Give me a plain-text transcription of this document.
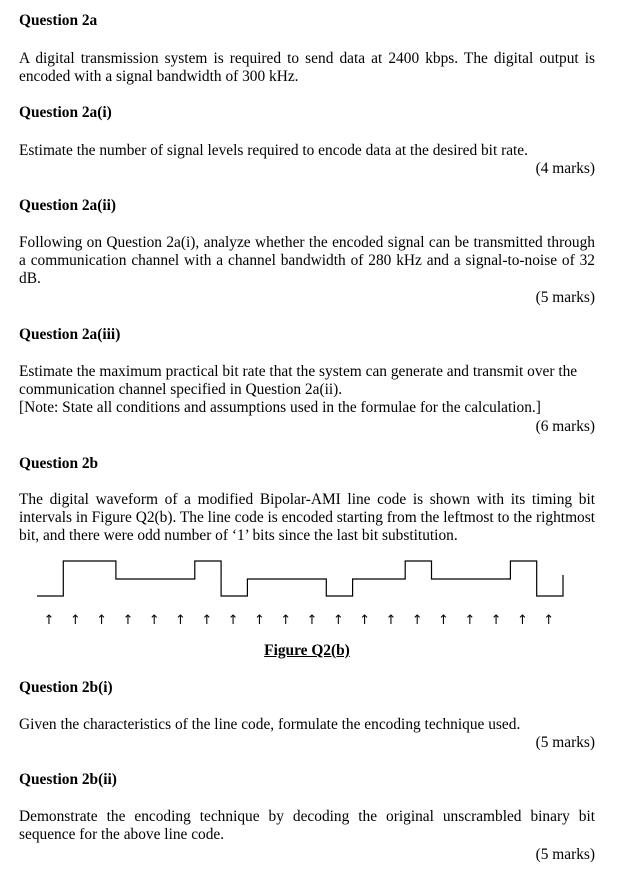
Question 2a
A digital transmission system is required to send data at 2400 kbps. The digital output is encoded with a signal bandwidth of 300 kHz.
Question 2a(i)
Estimate the number of signal levels required to encode data at the desired bit rate.
(4 marks)
Question 2a(ii)
Following on Question 2a(i), analyze whether the encoded signal can be transmitted through a communication channel with a channel bandwidth of 280 kHz and a signal-to-noise of 32 dB.
(5 marks)
Question 2a(iii)
Estimate the maximum practical bit rate that the system can generate and transmit over the communication channel specified in Question 2a(ii).
[Note: State all conditions and assumptions used in the formulae for the calculation.]
(6 marks)
Question 2b
The digital waveform of a modified Bipolar-AMI line code is shown with its timing bit intervals in Figure Q2(b). The line code is encoded starting from the leftmost to the rightmost bit, and there were odd number of ‘1’ bits since the last bit substitution.
↑ ↑ ↑ ↑ ↑ ↑ ↑ ↑ ↑ ↑ ↑ ↑ ↑ ↑ ↑ ↑ ↑ ↑ ↑ ↑
Figure Q2(b)
Question 2b(i)
Given the characteristics of the line code, formulate the encoding technique used.
(5 marks)
Question 2b(ii)
Demonstrate the encoding technique by decoding the original unscrambled binary bit sequence for the above line code.
(5 marks)
